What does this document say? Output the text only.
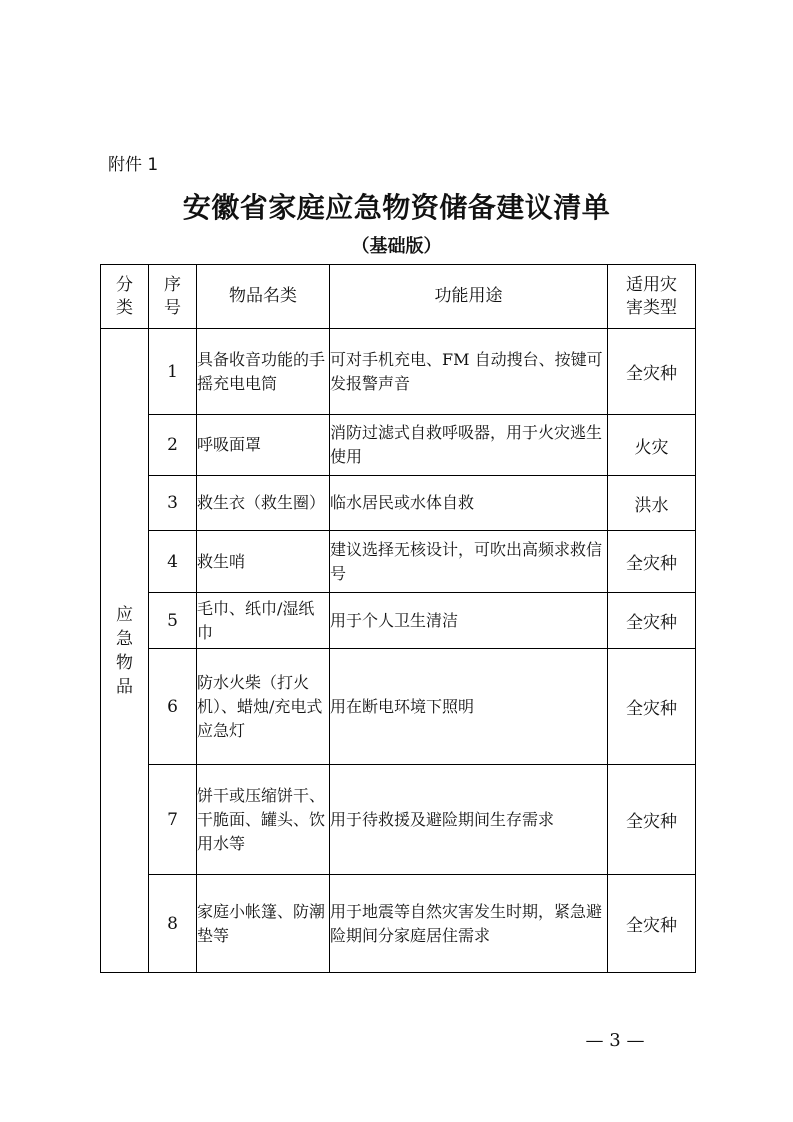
附件 1
安徽省家庭应急物资储备建议清单
（基础版）
分类	序号	物品名类	功能用途	适用灾害类型
应急物品	1	具备收音功能的手摇充电电筒	可对手机充电、FM 自动搜台、按键可发报警声音	全灾种
	2	呼吸面罩	消防过滤式自救呼吸器，用于火灾逃生使用	火灾
	3	救生衣（救生圈）	临水居民或水体自救	洪水
	4	救生哨	建议选择无核设计，可吹出高频求救信号	全灾种
	5	毛巾、纸巾/湿纸巾	用于个人卫生清洁	全灾种
	6	防水火柴（打火机）、蜡烛/充电式应急灯	用在断电环境下照明	全灾种
	7	饼干或压缩饼干、干脆面、罐头、饮用水等	用于待救援及避险期间生存需求	全灾种
	8	家庭小帐篷、防潮垫等	用于地震等自然灾害发生时期，紧急避险期间分家庭居住需求	全灾种
— 3 —
